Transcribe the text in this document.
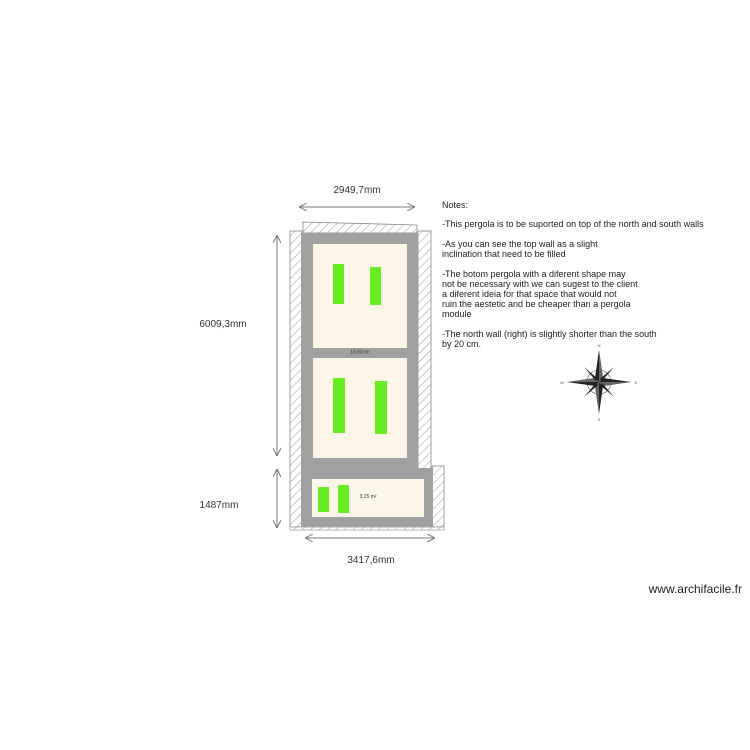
13,63 m²
3,15 m²
2949,7mm
6009,3mm
1487mm
3417,6mm
N
S
E
W
Notes:
-This pergola is to be suported on top of the north and south walls
-As you can see the top wall as a slight
inclination that need to be filled
-The botom pergola with a diferent shape may
not be necessary with we can sugest to the client
a diferent ideia for that space that would not
ruin the aestetic and be cheaper than a pergola
module
-The north wall (right) is slightly shorter than the south
by 20 cm.
www.archifacile.fr
